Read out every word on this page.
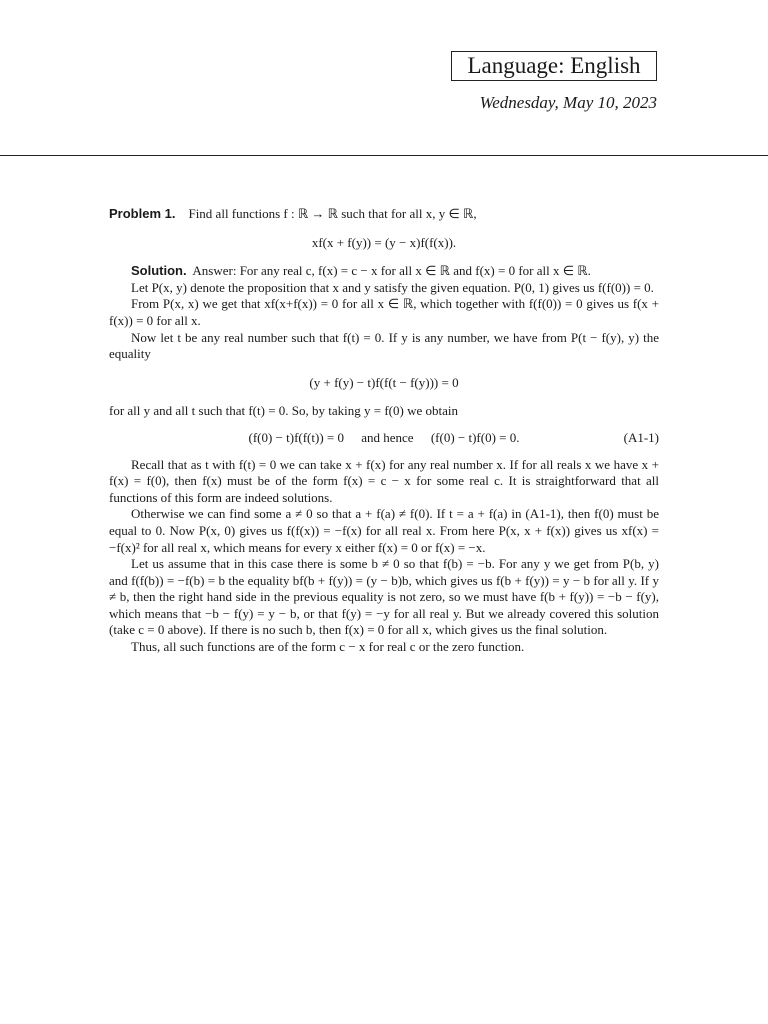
Language: English
Wednesday, May 10, 2023

Problem 1. Find all functions f : ℝ → ℝ such that for all x, y ∈ ℝ,

xf(x + f(y)) = (y − x)f(f(x)).

Solution. Answer: For any real c, f(x) = c − x for all x ∈ ℝ and f(x) = 0 for all x ∈ ℝ.

Let P(x, y) denote the proposition that x and y satisfy the given equation. P(0, 1) gives us f(f(0)) = 0.

From P(x, x) we get that xf(x+f(x)) = 0 for all x ∈ ℝ, which together with f(f(0)) = 0 gives us f(x + f(x)) = 0 for all x.

Now let t be any real number such that f(t) = 0. If y is any number, we have from P(t − f(y), y) the equality

(y + f(y) − t)f(f(t − f(y))) = 0

for all y and all t such that f(t) = 0. So, by taking y = f(0) we obtain

(f(0) − t)f(f(t)) = 0 and hence (f(0) − t)f(0) = 0.	(A1-1)

Recall that as t with f(t) = 0 we can take x + f(x) for any real number x. If for all reals x we have x + f(x) = f(0), then f(x) must be of the form f(x) = c − x for some real c. It is straightforward that all functions of this form are indeed solutions.

Otherwise we can find some a ≠ 0 so that a + f(a) ≠ f(0). If t = a + f(a) in (A1-1), then f(0) must be equal to 0. Now P(x, 0) gives us f(f(x)) = −f(x) for all real x. From here P(x, x + f(x)) gives us xf(x) = −f(x)² for all real x, which means for every x either f(x) = 0 or f(x) = −x.

Let us assume that in this case there is some b ≠ 0 so that f(b) = −b. For any y we get from P(b, y) and f(f(b)) = −f(b) = b the equality bf(b + f(y)) = (y − b)b, which gives us f(b + f(y)) = y − b for all y. If y ≠ b, then the right hand side in the previous equality is not zero, so we must have f(b + f(y)) = −b − f(y), which means that −b − f(y) = y − b, or that f(y) = −y for all real y. But we already covered this solution (take c = 0 above). If there is no such b, then f(x) = 0 for all x, which gives us the final solution.

Thus, all such functions are of the form c − x for real c or the zero function.
